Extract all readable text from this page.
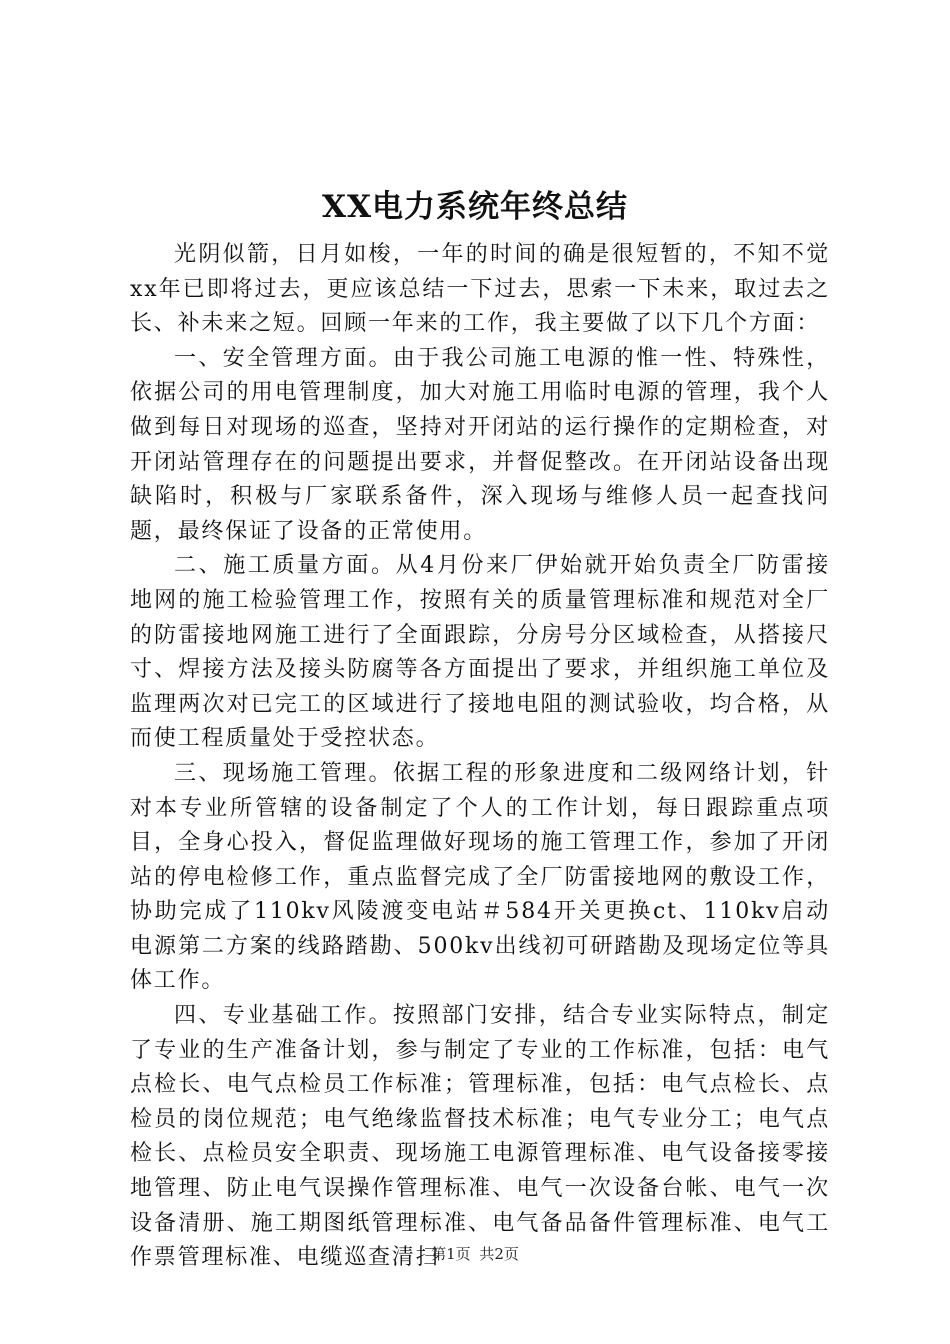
XX电力系统年终总结

光阴似箭，日月如梭，一年的时间的确是很短暂的，不知不觉xx年已即将过去，更应该总结一下过去，思索一下未来，取过去之长、补未来之短。回顾一年来的工作，我主要做了以下几个方面：

一、安全管理方面。由于我公司施工电源的惟一性、特殊性，依据公司的用电管理制度，加大对施工用临时电源的管理，我个人做到每日对现场的巡查，坚持对开闭站的运行操作的定期检查，对开闭站管理存在的问题提出要求，并督促整改。在开闭站设备出现缺陷时，积极与厂家联系备件，深入现场与维修人员一起查找问题，最终保证了设备的正常使用。

二、施工质量方面。从4月份来厂伊始就开始负责全厂防雷接地网的施工检验管理工作，按照有关的质量管理标准和规范对全厂的防雷接地网施工进行了全面跟踪，分房号分区域检查，从搭接尺寸、焊接方法及接头防腐等各方面提出了要求，并组织施工单位及监理两次对已完工的区域进行了接地电阻的测试验收，均合格，从而使工程质量处于受控状态。

三、现场施工管理。依据工程的形象进度和二级网络计划，针对本专业所管辖的设备制定了个人的工作计划，每日跟踪重点项目，全身心投入，督促监理做好现场的施工管理工作，参加了开闭站的停电检修工作，重点监督完成了全厂防雷接地网的敷设工作，协助完成了110kv风陵渡变电站＃584开关更换ct、110kv启动电源第二方案的线路踏勘、500kv出线初可研踏勘及现场定位等具体工作。

四、专业基础工作。按照部门安排，结合专业实际特点，制定了专业的生产准备计划，参与制定了专业的工作标准，包括：电气点检长、电气点检员工作标准；管理标准，包括：电气点检长、点检员的岗位规范；电气绝缘监督技术标准；电气专业分工；电气点检长、点检员安全职责、现场施工电源管理标准、电气设备接零接地管理、防止电气误操作管理标准、电气一次设备台帐、电气一次设备清册、施工期图纸管理标准、电气备品备件管理标准、电气工作票管理标准、电缆巡查清扫

第1页 共2页
